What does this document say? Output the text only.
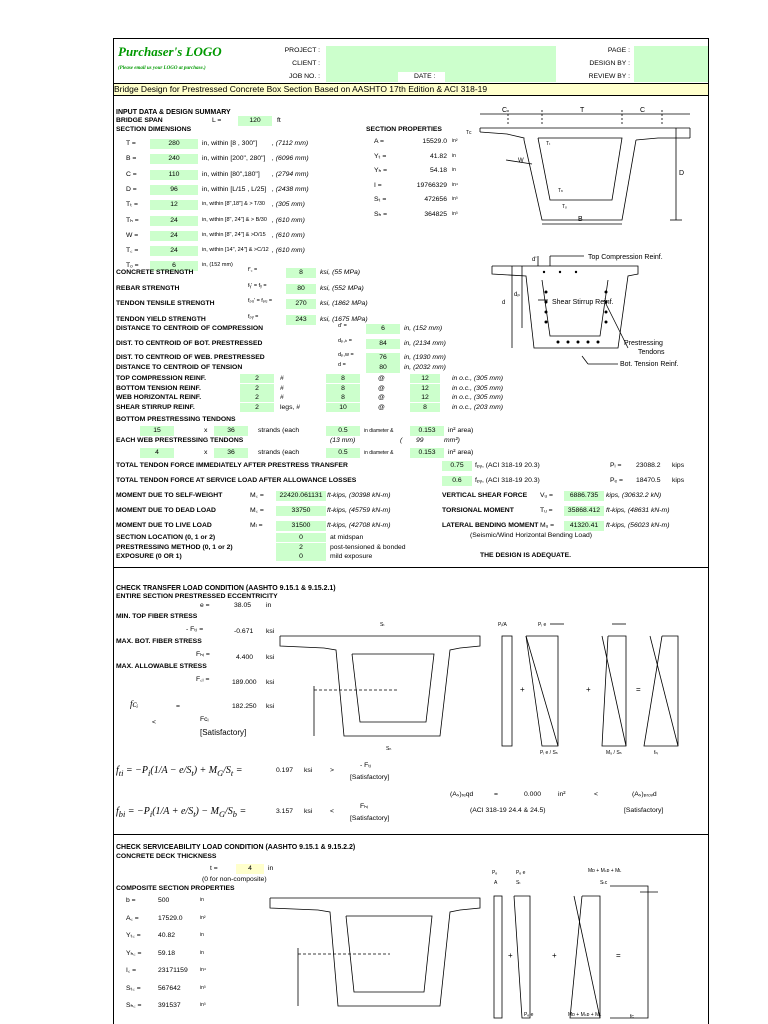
Purchaser's LOGO
(Please email us your LOGO at purchase.)
PROJECT :
CLIENT :
JOB NO. :	DATE :
PAGE :
DESIGN BY :
REVIEW BY :
Bridge Design for Prestressed Concrete Box Section Based on AASHTO 17th Edition & ACI 318-19
INPUT DATA & DESIGN SUMMARY
BRIDGE SPAN	L =	120	ft
SECTION DIMENSIONS	SECTION PROPERTIES
BOTTOM PRESTRESSING TENDONS
15	x	36	strands (each	0.5	in diameter &	0.153	in² area)
(13 mm)	( 99	mm²)
EACH WEB PRESTRESSING TENDONS
4	x	36	strands (each	0.5	in diameter &	0.153	in² area)
TOTAL TENDON FORCE IMMEDIATELY AFTER PRESTRESS TRANSFER	0.75	fₚᵧ, (ACI 318-19 20.3)	Pᵢ = 23088.2 kips
TOTAL TENDON FORCE AT SERVICE LOAD AFTER ALLOWANCE LOSSES	0.6	fₚᵧ, (ACI 318-19 20.3)	Pₑ = 18470.5 kips
(Seismic/Wind Horizontal Bending Load)
THE DESIGN IS ADEQUATE.
C	T	C
D
B
W
Tᴄ
Tₜ
Tₕ
Tₒ
Top Compression Reinf.
Shear Stirrup Reinf.
Prestressing
Tendons
Bot. Tension Reinf.
d
dₚ
d'
CHECK TRANSFER LOAD CONDITION (AASHTO 9.15.1 & 9.15.2.1)
ENTIRE SECTION PRESTRESSED ECCENTRICITY
e =	38.05 in
MIN. TOP FIBER STRESS
- Fₜᵢ =	-0.671 ksi
MAX. BOT. FIBER STRESS
Fₕᵢ =	4.400 ksi
MAX. ALLOWABLE STRESS
F꜀ᵢ =	189.000 ksi
fᴄᵢ	=	182.250 ksi
<	Fᴄᵢ
[Satisfactory]
$f_{ti} = -P_i(1/A - e/S_t) + M_G/S_t$ =	0.197 ksi	>
- Fₜᵢ
[Satisfactory]
$f_{bi} = -P_i(1/A + e/S_t) - M_G/S_b$ =	3.157 ksi	<
Fₕᵢ
[Satisfactory]
(Aₛ)ᵣₑqd	=	0.000 in²	<	(Aₛ)ₚᵣₒᵥd
(ACI 318-19 24.4 & 24.5)	[Satisfactory]
Sₜ
Sₕ
Pᵢ/A	Pᵢ e
+	+	=
Pᵢ e / Sₕ	M₉ / Sₕ	fₕᵢ
CHECK SERVICEABILITY LOAD CONDITION (AASHTO 9.15.1 & 9.15.2.2)
CONCRETE DECK THICKNESS
t =	4	in
(0 for non-composite)
COMPOSITE SECTION PROPERTIES
Pₑ
A
Pₑ e
Sₜ
Mᴅ + Mₛᴅ + Mʟ
Sₜᴄ
+	+	=
Pₑ e	Mᴅ + Mₛᴅ + Mʟ	fᴄ
T =	280	in, within [8 , 300"] , (7112 mm)
B =	240	in, within [200", 280"] , (6096 mm)
C =	110	in, within [80",180"] , (2794 mm)
D =	96	in, within [L/15 , L/25] , (2438 mm)
Tₜ =	12	in, within [8",18"] & > T/30 , (305 mm)
Tₕ =	24	in, within [8", 24"] & > B/30 , (610 mm)
W =	24	in, within [8", 24"] & >D/15 , (610 mm)
T꜀ =	24	in, within [14", 24"] & >C/12 , (610 mm)
Tₒ =	6	in, (152 mm)
A =	15529.0 in²
Yₜ =	41.82 in
Yₕ =	54.18 in
I =	19766329 in⁴
Sₜ =	472656 in³
Sₕ =	364825 in³
CONCRETE STRENGTH	f'꜀ =	8	ksi, (55 MPa)
REBAR STRENGTH	fᵧ' = fᵧ =	80	ksi, (552 MPa)
TENDON TENSILE STRENGTH	fₚᵤ' = fₚᵤ =	270	ksi, (1862 MPa)
TENDON YIELD STRENGTH	fₚᵧ =	243	ksi, (1675 MPa)
DISTANCE TO CENTROID OF COMPRESSION	d' =	6	in, (152 mm)
DIST. TO CENTROID OF BOT. PRESTRESSED	dₚ,ₕ =	84	in, (2134 mm)
DIST. TO CENTROID OF WEB. PRESTRESSED	dₚ,w =	76	in, (1930 mm)
DISTANCE TO CENTROID OF TENSION	d =	80	in, (2032 mm)
TOP COMPRESSION REINF.	2	#	8	@	12	in o.c., (305 mm)
BOTTOM TENSION REINF.	2	#	8	@	12	in o.c., (305 mm)
WEB HORIZONTAL REINF.	2	#	8	@	12	in o.c., (305 mm)
SHEAR STIRRUP REINF.	2	legs, #	10	@	8	in o.c., (203 mm)
MOMENT DUE TO SELF-WEIGHT	M꜀ =	22420.061131 ft-kips, (30398 kN-m)
MOMENT DUE TO DEAD LOAD	M꜀ =	33750	ft-kips, (45759 kN-m)
MOMENT DUE TO LIVE LOAD	Mₗ =	31500	ft-kips, (42708 kN-m)
VERTICAL SHEAR FORCE Vᵤ =	6886.735	kips, (30632.2 kN)
TORSIONAL MOMENT	Tᵤ =	35868.412 ft-kips, (48631 kN-m)
LATERAL BENDING MOMENT Mᵤ =	41320.41	ft-kips, (56023 kN-m)
SECTION LOCATION (0, 1 or 2)	0	at midspan
PRESTRESSING METHOD (0, 1 or 2)	2	post-tensioned & bonded
EXPOSURE (0 OR 1)	0	mild exposure
b =	500	in
A꜀ =	17529.0	in²
Yₜ꜀ =	40.82	in
Yₕ꜀ = 59.18	in
I꜀ =	23171159 in⁴
Sₜ꜀ =	567642	in³
Sₕ꜀ = 391537	in³
